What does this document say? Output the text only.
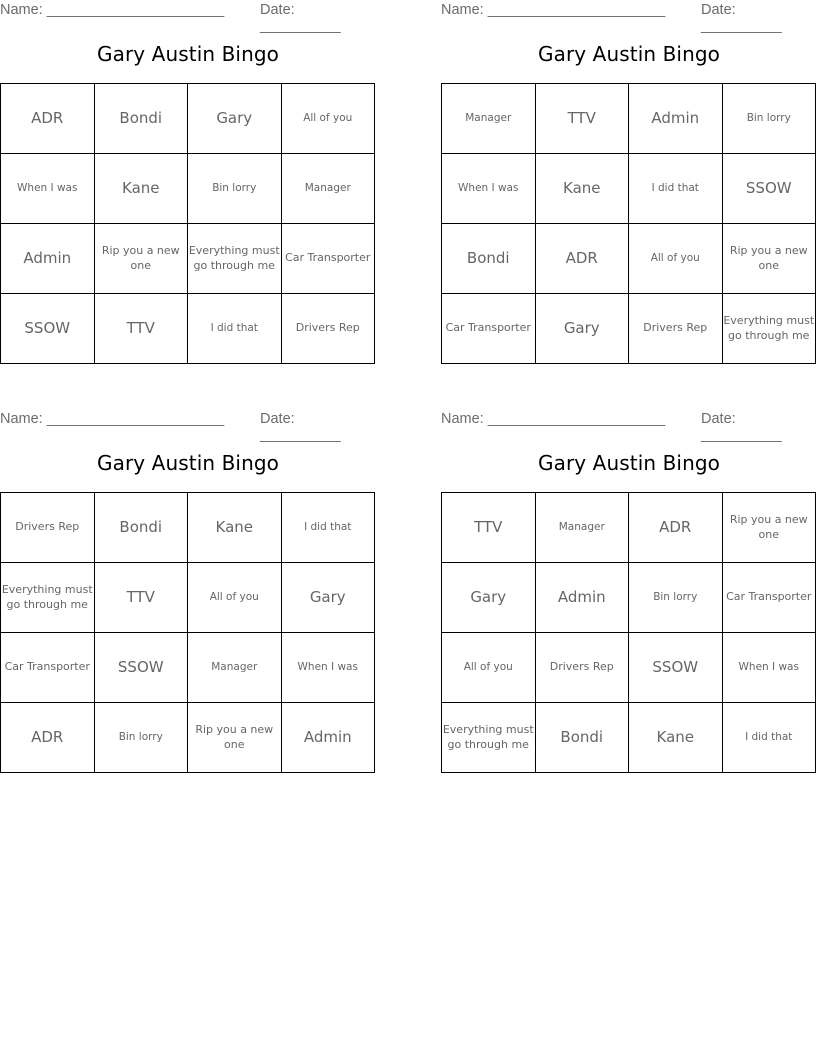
Name: ______________________ Date: __________
Gary Austin Bingo
ADR	Bondi	Gary	All of you
When I was	Kane	Bin lorry	Manager
Admin	Rip you a new one	Everything must go through me	Car Transporter
SSOW	TTV	I did that	Drivers Rep
Name: ______________________ Date: __________
Gary Austin Bingo
Manager	TTV	Admin	Bin lorry
When I was	Kane	I did that	SSOW
Bondi	ADR	All of you	Rip you a new one
Car Transporter	Gary	Drivers Rep	Everything must go through me
Name: ______________________ Date: __________
Gary Austin Bingo
Drivers Rep	Bondi	Kane	I did that
Everything must go through me	TTV	All of you	Gary
Car Transporter	SSOW	Manager	When I was
ADR	Bin lorry	Rip you a new one	Admin
Name: ______________________ Date: __________
Gary Austin Bingo
TTV	Manager	ADR	Rip you a new one
Gary	Admin	Bin lorry	Car Transporter
All of you	Drivers Rep	SSOW	When I was
Everything must go through me	Bondi	Kane	I did that
